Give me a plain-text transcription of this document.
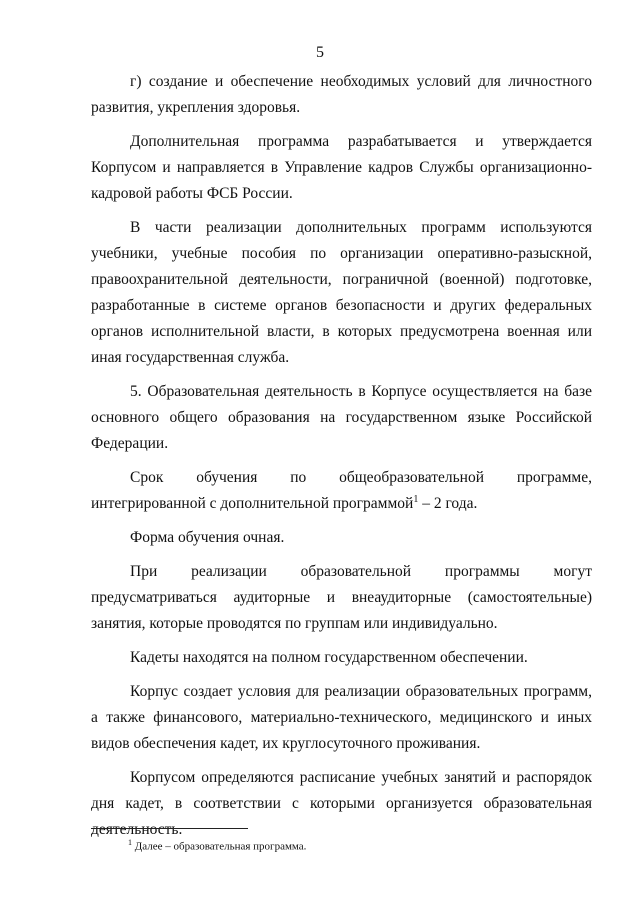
5

г) создание и обеспечение необходимых условий для личностного развития, укрепления здоровья.

Дополнительная программа разрабатывается и утверждается Корпусом и направляется в Управление кадров Службы организационно-кадровой работы ФСБ России.

В части реализации дополнительных программ используются учебники, учебные пособия по организации оперативно-разыскной, правоохранительной деятельности, пограничной (военной) подготовке, разработанные в системе органов безопасности и других федеральных органов исполнительной власти, в которых предусмотрена военная или иная государственная служба.

5. Образовательная деятельность в Корпусе осуществляется на базе основного общего образования на государственном языке Российской Федерации.

Срок обучения по общеобразовательной программе, интегрированной с дополнительной программой$^1$ – 2 года.

Форма обучения очная.

При реализации образовательной программы могут предусматриваться аудиторные и внеаудиторные (самостоятельные) занятия, которые проводятся по группам или индивидуально.

Кадеты находятся на полном государственном обеспечении.

Корпус создает условия для реализации образовательных программ, а также финансового, материально-технического, медицинского и иных видов обеспечения кадет, их круглосуточного проживания.

Корпусом определяются расписание учебных занятий и распорядок дня кадет, в соответствии с которыми организуется образовательная деятельность.

$^1$ Далее – образовательная программа.
